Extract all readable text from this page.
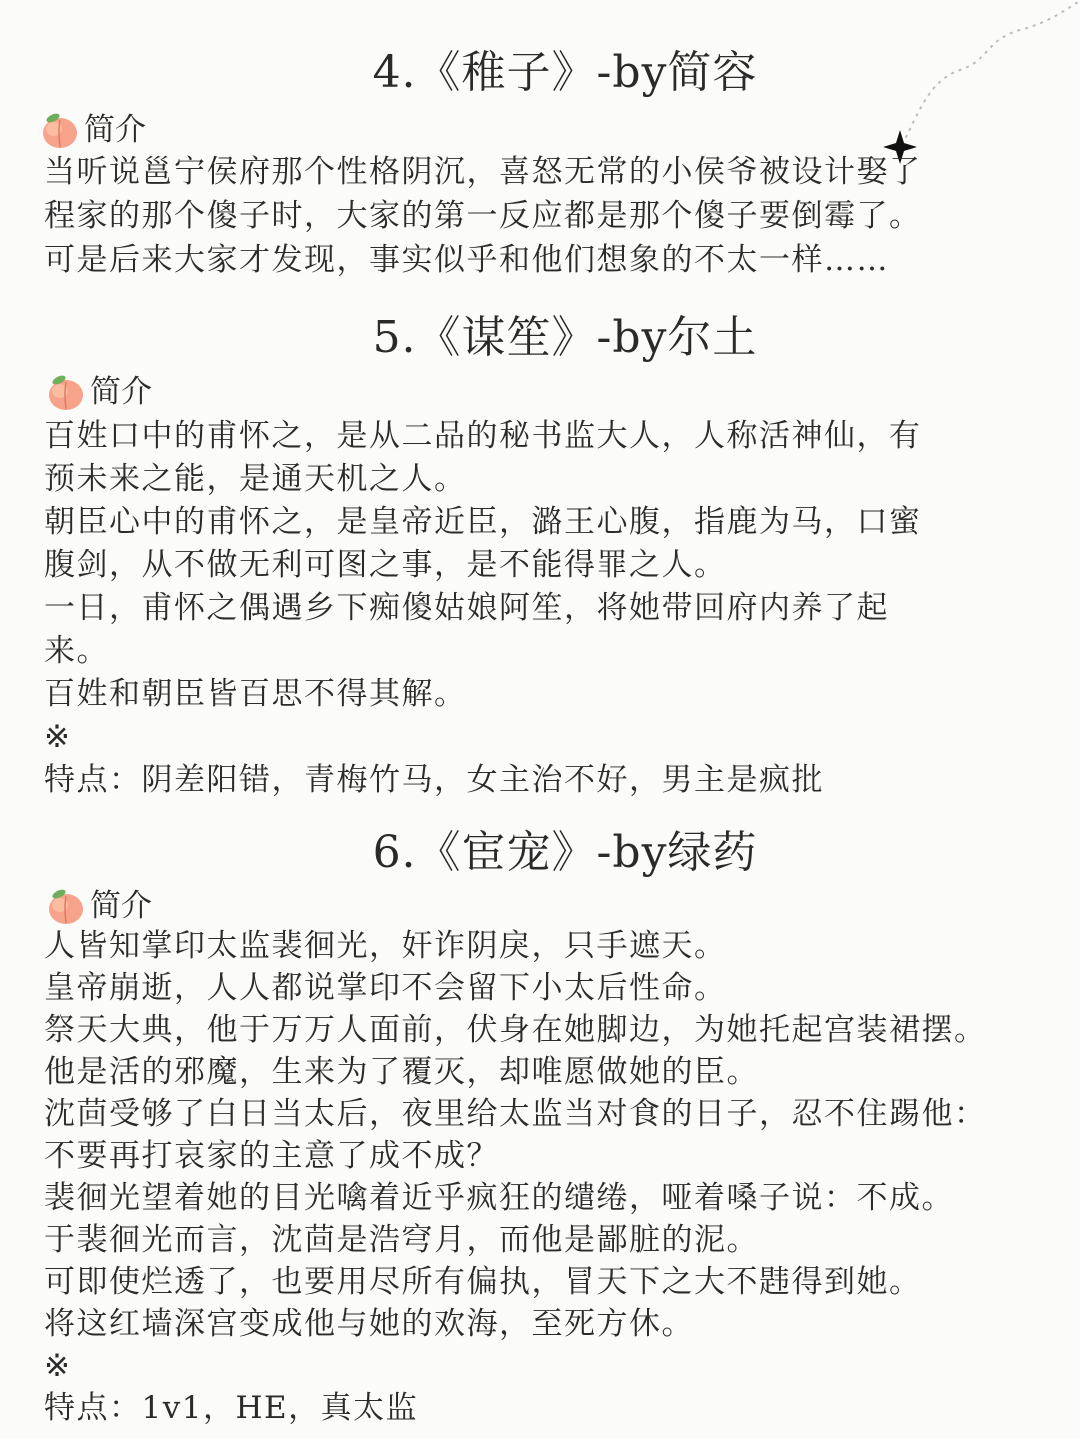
4.《稚子》-by简容
简介
当听说邕宁侯府那个性格阴沉，喜怒无常的小侯爷被设计娶了
程家的那个傻子时，大家的第一反应都是那个傻子要倒霉了。
可是后来大家才发现，事实似乎和他们想象的不太一样……
5.《谋笙》-by尔土
简介
百姓口中的甫怀之，是从二品的秘书监大人，人称活神仙，有
预未来之能，是通天机之人。
朝臣心中的甫怀之，是皇帝近臣，潞王心腹，指鹿为马，口蜜
腹剑，从不做无利可图之事，是不能得罪之人。
一日，甫怀之偶遇乡下痴傻姑娘阿笙，将她带回府内养了起
来。
百姓和朝臣皆百思不得其解。
※
特点：阴差阳错，青梅竹马，女主治不好，男主是疯批
6.《宦宠》-by绿药
简介
人皆知掌印太监裴徊光，奸诈阴戾，只手遮天。
皇帝崩逝，人人都说掌印不会留下小太后性命。
祭天大典，他于万万人面前，伏身在她脚边，为她托起宫装裙摆。
他是活的邪魔，生来为了覆灭，却唯愿做她的臣。
沈茴受够了白日当太后，夜里给太监当对食的日子，忍不住踢他：
不要再打哀家的主意了成不成？
裴徊光望着她的目光噙着近乎疯狂的缱绻，哑着嗓子说：不成。
于裴徊光而言，沈茴是浩穹月，而他是鄙脏的泥。
可即使烂透了，也要用尽所有偏执，冒天下之大不韪得到她。
将这红墙深宫变成他与她的欢海，至死方休。
※
特点：1v1，HE，真太监
